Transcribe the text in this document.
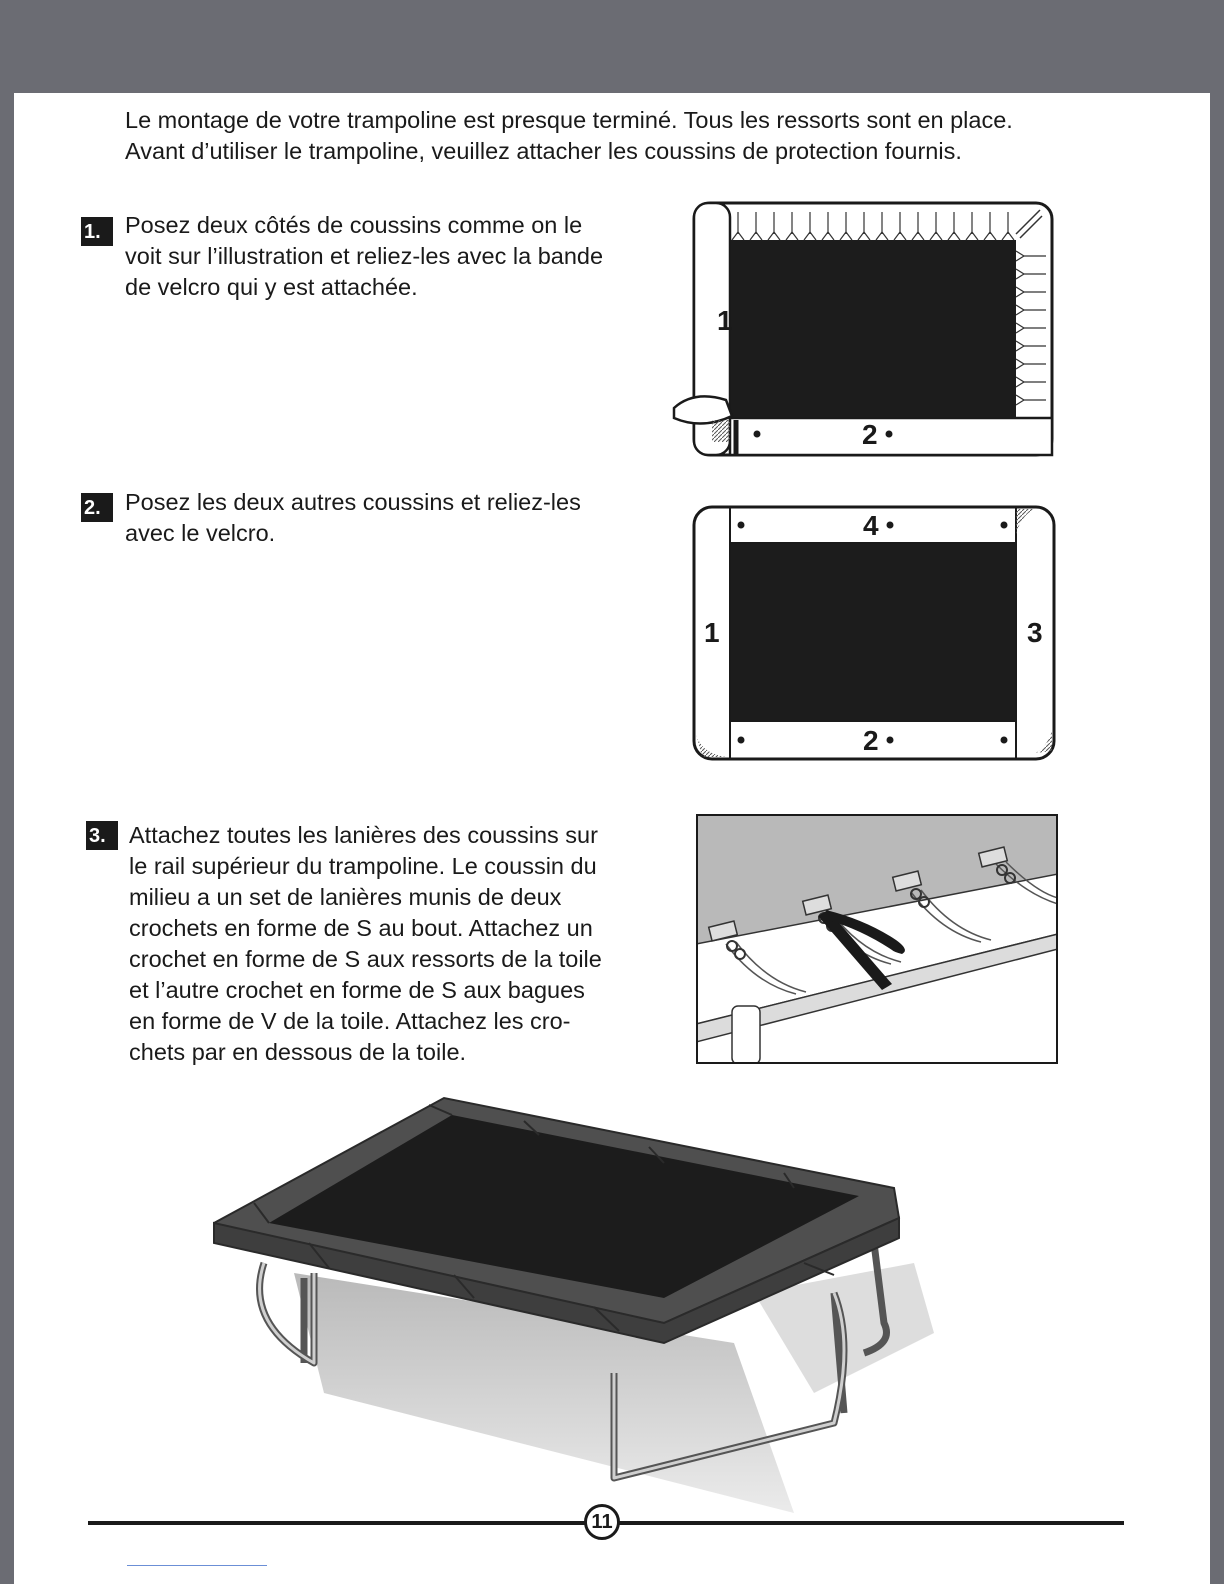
Le montage de votre trampoline est presque terminé. Tous les ressorts sont en place.
Avant d’utiliser le trampoline, veuillez attacher les coussins de protection fournis.

1.	Posez deux côtés de coussins comme on le
voit sur l’illustration et reliez-les avec la bande
de velcro qui y est attachée.

1
2
2.	Posez les deux autres coussins et reliez-les
avec le velcro.	4
2
1	3
3. Attachez toutes les lanières des coussins sur
le rail supérieur du trampoline. Le coussin du
milieu a un set de lanières munis de deux
crochets en forme de S au bout. Attachez un
crochet en forme de S aux ressorts de la toile
et l’autre crochet en forme de S aux bagues
en forme de V de la toile. Attachez les cro-
chets par en dessous de la toile.

11
